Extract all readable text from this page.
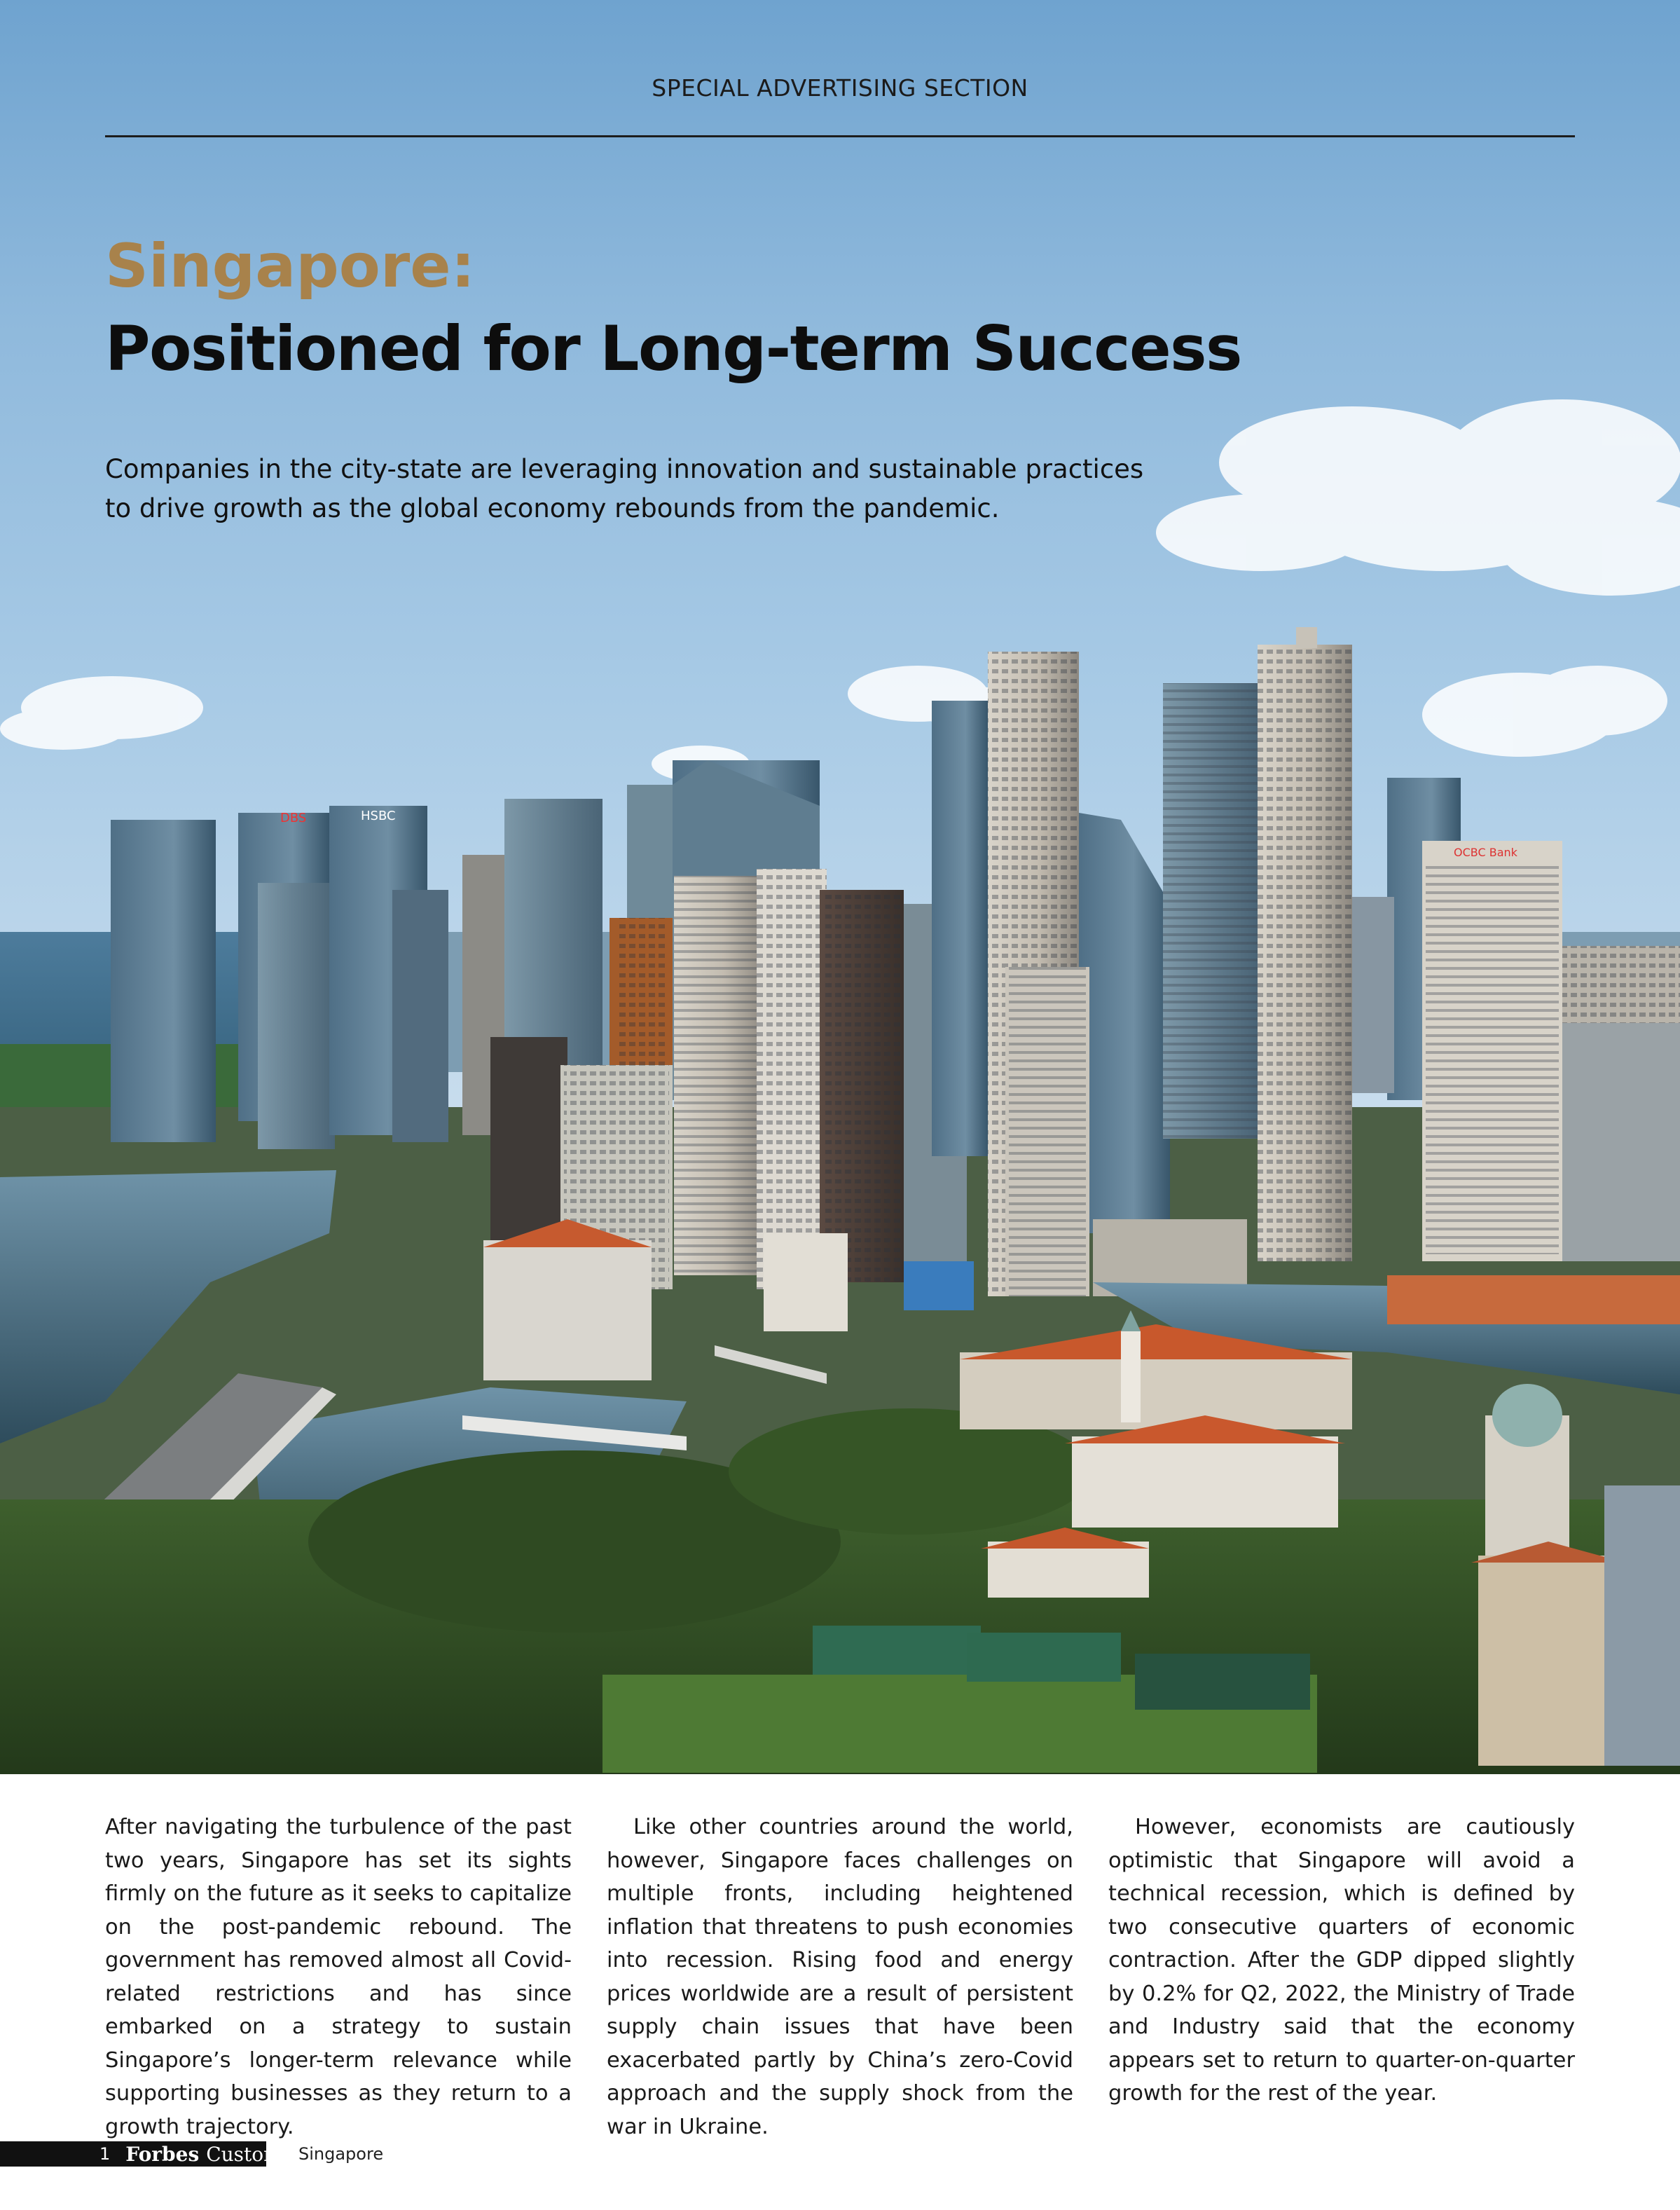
DBS	HSBC
OCBC Bank
SPECIAL ADVERTISING SECTION
Singapore:
Positioned for Long-term Success
Companies in the city-state are leveraging innovation and sustainable practices
to drive growth as the global economy rebounds from the pandemic.

After navigating the turbulence of the past two years, Singapore has set its sights firmly on the future as it seeks to capitalize on the post-pandemic rebound. The government has removed almost all Covid-related restrictions and has since embarked on a strategy to sustain Singapore’s longer-term relevance while supporting businesses as they return to a growth trajectory.

Like other countries around the world, however, Singapore faces challenges on multiple fronts, including heightened inflation that threatens to push economies into recession. Rising food and energy prices worldwide are a result of persistent supply chain issues that have been exacerbated partly by China’s zero-Covid approach and the supply shock from the war in Ukraine.

However, economists are cautiously optimistic that Singapore will avoid a technical recession, which is defined by two consecutive quarters of economic contraction. After the GDP dipped slightly by 0.2% for Q2, 2022, the Ministry of Trade and Industry said that the economy appears set to return to quarter-on-quarter growth for the rest of the year.

1 Forbes Custom Singapore
